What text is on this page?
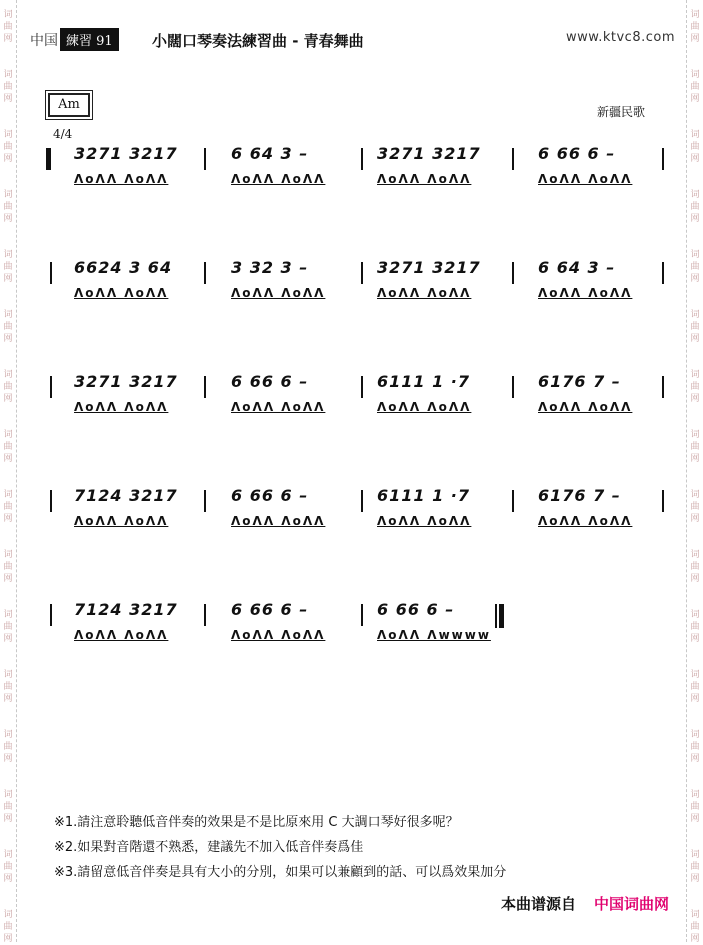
词
曲
网
词
曲
网
词
曲
网
词
曲
网
词
曲
网
词
曲
网
词
曲
网
词
曲
网
词
曲
网
词
曲
网
词
曲
网
词
曲
网
词
曲
网
词
曲
网
词
曲
网
词
曲
网
词
曲
网
词
曲
网
词
曲
网
词
曲
网
词
曲
网
词
曲
网
词
曲
网
词
曲
网
词
曲
网
词
曲
网
词
曲
网
词
曲
网
词
曲
网
词
曲
网
词
曲
网
词
曲
网
中国 練習 91	小闊口琴奏法練習曲 - 青春舞曲	www.ktvc8.com
Am	新疆民歌
4/4
3271 3217
ΛoΛΛ ΛoΛΛ
6 64 3 –
ΛoΛΛ ΛoΛΛ
3271 3217
ΛoΛΛ ΛoΛΛ
6 66 6 –
ΛoΛΛ ΛoΛΛ
6624 3 64
ΛoΛΛ ΛoΛΛ
3 32 3 –
ΛoΛΛ ΛoΛΛ
3271 3217
ΛoΛΛ ΛoΛΛ
6 64 3 –
ΛoΛΛ ΛoΛΛ
3271 3217
ΛoΛΛ ΛoΛΛ
6 66 6 –
ΛoΛΛ ΛoΛΛ
6111 1 ·7
ΛoΛΛ ΛoΛΛ
6176 7 –
ΛoΛΛ ΛoΛΛ
7124 3217
ΛoΛΛ ΛoΛΛ
6 66 6 –
ΛoΛΛ ΛoΛΛ
6111 1 ·7
ΛoΛΛ ΛoΛΛ
6176 7 –
ΛoΛΛ ΛoΛΛ
7124 3217
ΛoΛΛ ΛoΛΛ
6 66 6 –
ΛoΛΛ ΛoΛΛ
6 66 6 –
ΛoΛΛ Λwwww
※1.請注意聆聽低音伴奏的效果是不是比原來用 C 大調口琴好很多呢？
※2.如果對音階還不熟悉，建議先不加入低音伴奏爲佳
※3.請留意低音伴奏是具有大小的分別，如果可以兼顧到的話、可以爲效果加分
本曲谱源自 中国词曲网
